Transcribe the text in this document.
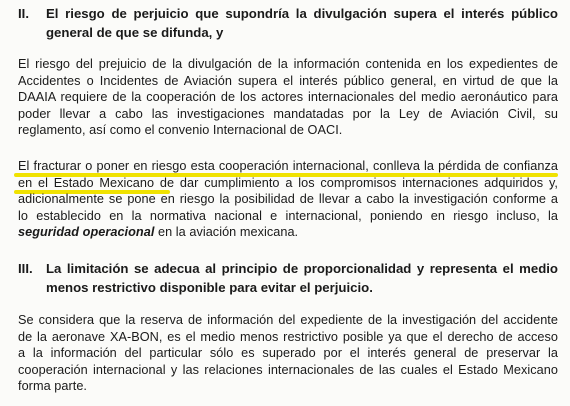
II.	El riesgo de perjuicio que supondría la divulgación supera el interés público
general de que se difunda, y
El riesgo del prejuicio de la divulgación de la información contenida en los expedientes de
Accidentes o Incidentes de Aviación supera el interés público general, en virtud de que la
DAAIA requiere de la cooperación de los actores internacionales del medio aeronáutico para
poder llevar a cabo las investigaciones mandatadas por la Ley de Aviación Civil, su
reglamento, así como el convenio Internacional de OACI.
El fracturar o poner en riesgo esta cooperación internacional, conlleva la pérdida de confianza
en el Estado Mexicano de dar cumplimiento a los compromisos internaciones adquiridos y,
adicionalmente se pone en riesgo la posibilidad de llevar a cabo la investigación conforme a
lo establecido en la normativa nacional e internacional, poniendo en riesgo incluso, la
seguridad operacional en la aviación mexicana.
III.	La limitación se adecua al principio de proporcionalidad y representa el medio
menos restrictivo disponible para evitar el perjuicio.
Se considera que la reserva de información del expediente de la investigación del accidente
de la aeronave XA-BON, es el medio menos restrictivo posible ya que el derecho de acceso
a la información del particular sólo es superado por el interés general de preservar la
cooperación internacional y las relaciones internacionales de las cuales el Estado Mexicano
forma parte.
